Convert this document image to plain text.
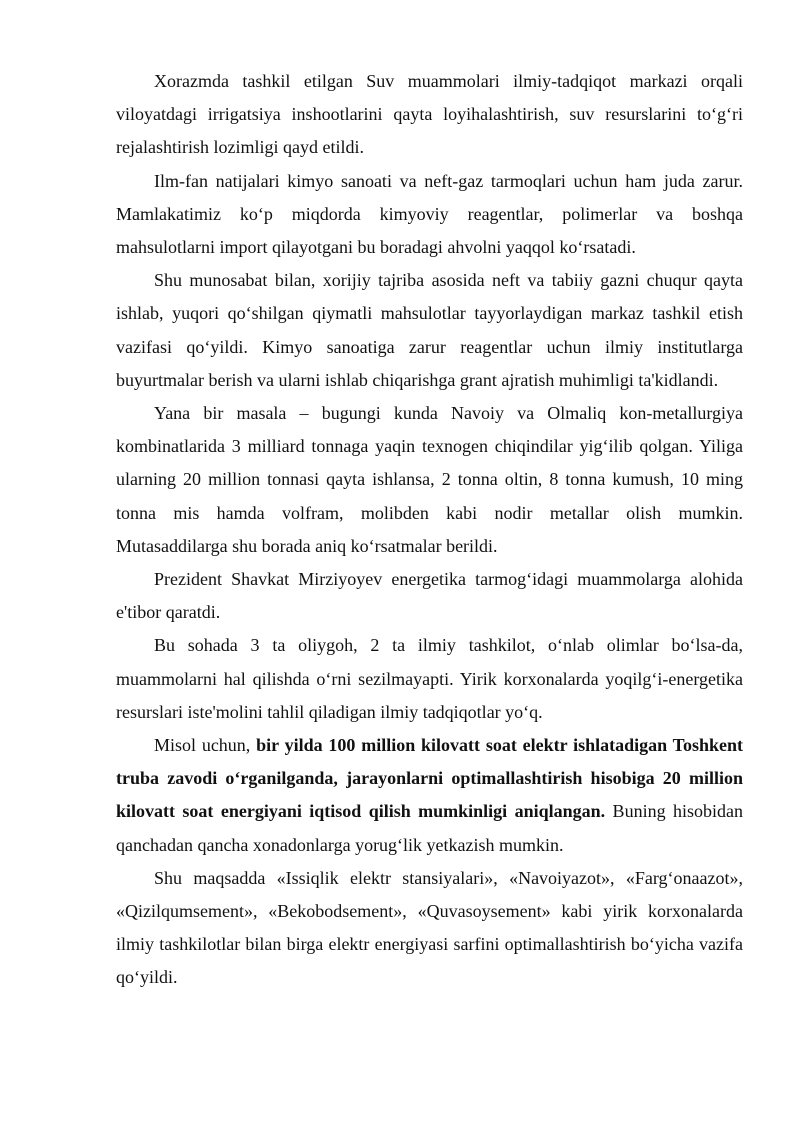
Xorazmda tashkil etilgan Suv muammolari ilmiy-tadqiqot markazi orqali viloyatdagi irrigatsiya inshootlarini qayta loyihalashtirish, suv resurslarini to‘g‘ri rejalashtirish lozimligi qayd etildi.

Ilm-fan natijalari kimyo sanoati va neft-gaz tarmoqlari uchun ham juda zarur. Mamlakatimiz ko‘p miqdorda kimyoviy reagentlar, polimerlar va boshqa mahsulotlarni import qilayotgani bu boradagi ahvolni yaqqol ko‘rsatadi.

Shu munosabat bilan, xorijiy tajriba asosida neft va tabiiy gazni chuqur qayta ishlab, yuqori qo‘shilgan qiymatli mahsulotlar tayyorlaydigan markaz tashkil etish vazifasi qo‘yildi. Kimyo sanoatiga zarur reagentlar uchun ilmiy institutlarga buyurtmalar berish va ularni ishlab chiqarishga grant ajratish muhimligi ta'kidlandi.

Yana bir masala – bugungi kunda Navoiy va Olmaliq kon-metallurgiya kombinatlarida 3 milliard tonnaga yaqin texnogen chiqindilar yig‘ilib qolgan. Yiliga ularning 20 million tonnasi qayta ishlansa, 2 tonna oltin, 8 tonna kumush, 10 ming tonna mis hamda volfram, molibden kabi nodir metallar olish mumkin. Mutasaddilarga shu borada aniq ko‘rsatmalar berildi.

Prezident Shavkat Mirziyoyev energetika tarmog‘idagi muammolarga alohida e'tibor qaratdi.

Bu sohada 3 ta oliygoh, 2 ta ilmiy tashkilot, o‘nlab olimlar bo‘lsa-da, muammolarni hal qilishda o‘rni sezilmayapti. Yirik korxonalarda yoqilg‘i-energetika resurslari iste'molini tahlil qiladigan ilmiy tadqiqotlar yo‘q.

Misol uchun, bir yilda 100 million kilovatt soat elektr ishlatadigan Toshkent truba zavodi o‘rganilganda, jarayonlarni optimallashtirish hisobiga 20 million kilovatt soat energiyani iqtisod qilish mumkinligi aniqlangan. Buning hisobidan qanchadan qancha xonadonlarga yorug‘lik yetkazish mumkin.

Shu maqsadda «Issiqlik elektr stansiyalari», «Navoiyazot», «Farg‘onaazot», «Qizilqumsement», «Bekobodsement», «Quvasoysement» kabi yirik korxonalarda ilmiy tashkilotlar bilan birga elektr energiyasi sarfini optimallashtirish bo‘yicha vazifa qo‘yildi.
